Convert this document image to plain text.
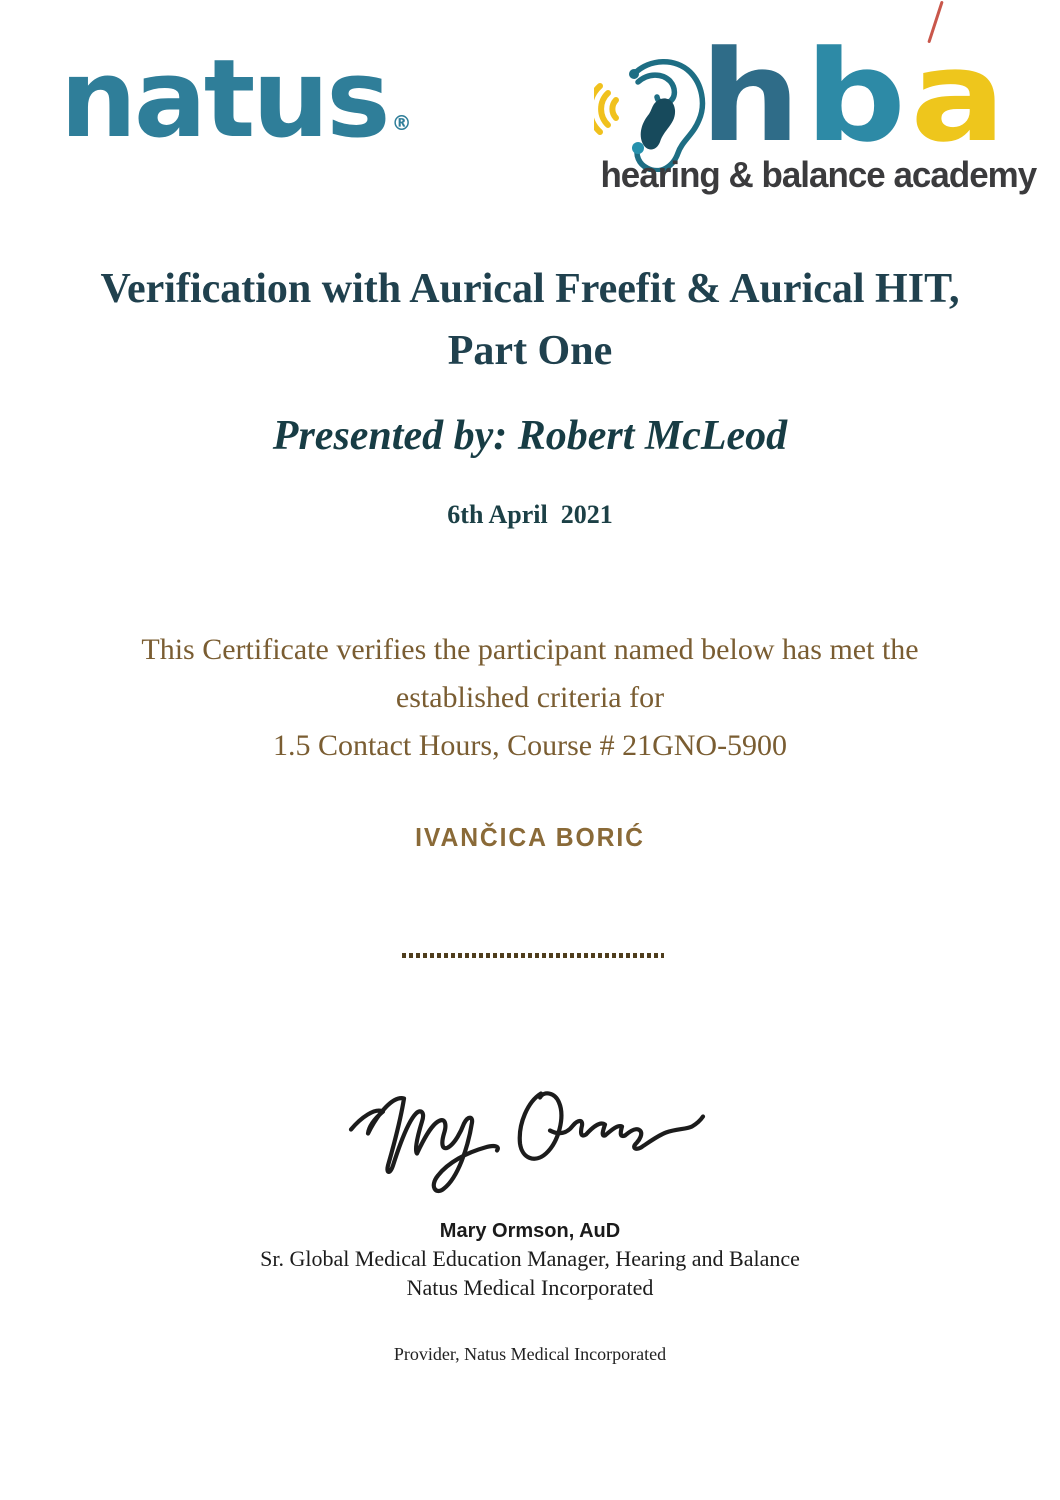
natus ® hba
hearing & balance academy
Verification with Aurical Freefit & Aurical HIT,
Part One
Presented by: Robert McLeod
6th April  2021
This Certificate verifies the participant named below has met the
established criteria for
1.5 Contact Hours, Course # 21GNO-5900
IVANČICA BORIĆ
Mary Ormson, AuD
Sr. Global Medical Education Manager, Hearing and Balance
Natus Medical Incorporated
Provider, Natus Medical Incorporated
